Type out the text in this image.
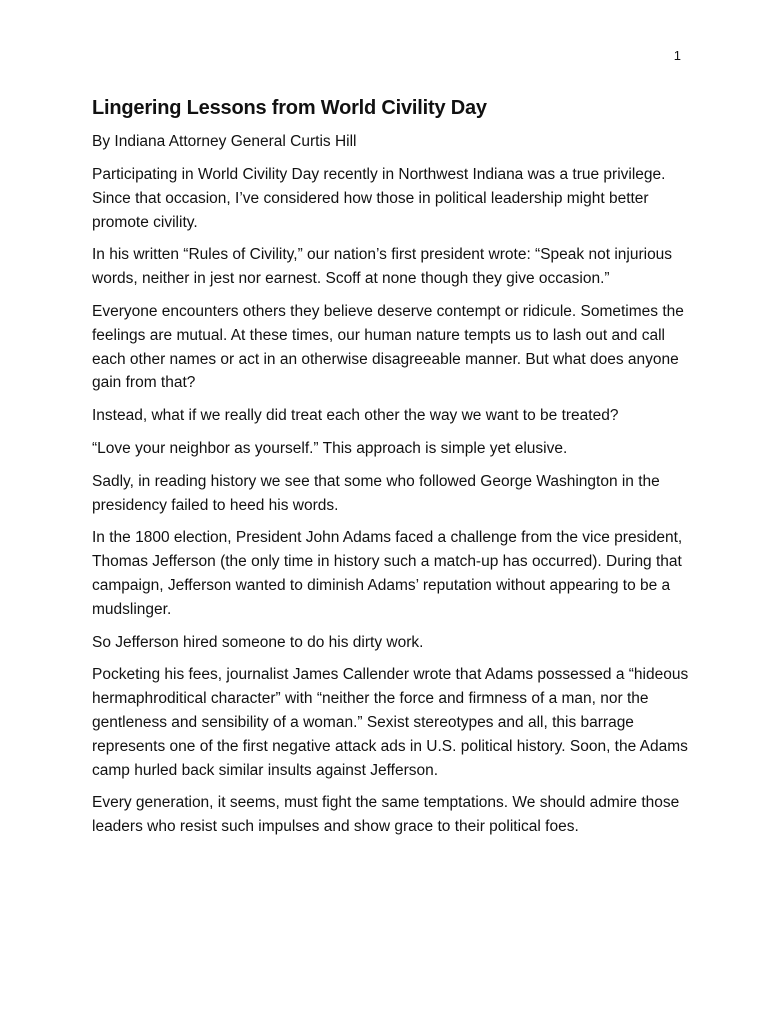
1
Lingering Lessons from World Civility Day

By Indiana Attorney General Curtis Hill

Participating in World Civility Day recently in Northwest Indiana was a true privilege. Since that occasion, I’ve considered how those in political leadership might better promote civility.

In his written “Rules of Civility,” our nation’s first president wrote: “Speak not injurious words, neither in jest nor earnest. Scoff at none though they give occasion.”

Everyone encounters others they believe deserve contempt or ridicule. Sometimes the feelings are mutual. At these times, our human nature tempts us to lash out and call each other names or act in an otherwise disagreeable manner. But what does anyone gain from that?

Instead, what if we really did treat each other the way we want to be treated?

“Love your neighbor as yourself.” This approach is simple yet elusive.

Sadly, in reading history we see that some who followed George Washington in the presidency failed to heed his words.

In the 1800 election, President John Adams faced a challenge from the vice president, Thomas Jefferson (the only time in history such a match-up has occurred). During that campaign, Jefferson wanted to diminish Adams’ reputation without appearing to be a mudslinger.

So Jefferson hired someone to do his dirty work.

Pocketing his fees, journalist James Callender wrote that Adams possessed a “hideous hermaphroditical character” with “neither the force and firmness of a man, nor the gentleness and sensibility of a woman.” Sexist stereotypes and all, this barrage represents one of the first negative attack ads in U.S. political history. Soon, the Adams camp hurled back similar insults against Jefferson.

Every generation, it seems, must fight the same temptations. We should admire those leaders who resist such impulses and show grace to their political foes.
